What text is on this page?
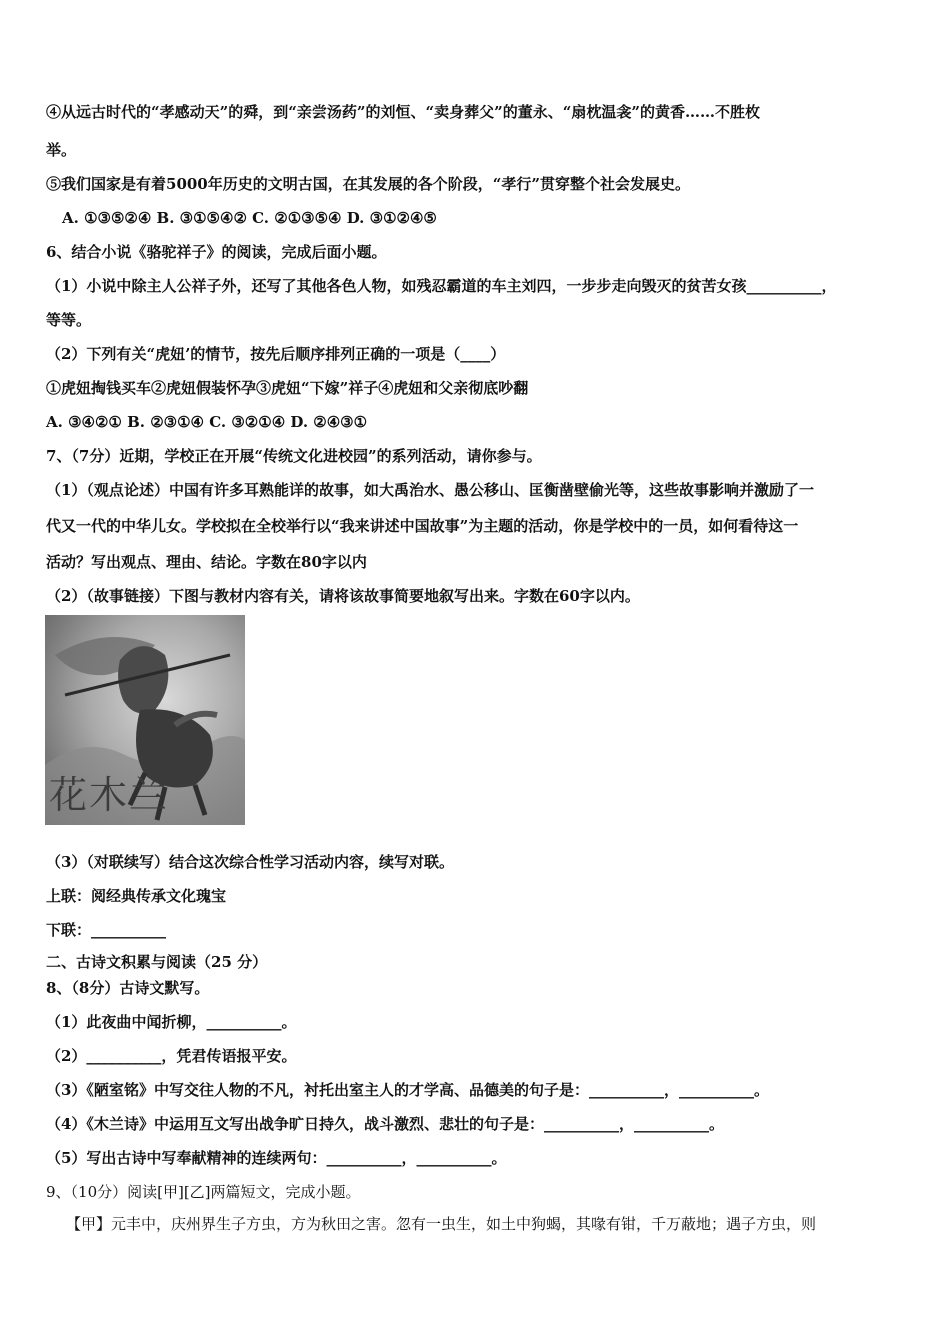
④从远古时代的“孝感动天”的舜，到“亲尝汤药”的刘恒、“卖身葬父”的董永、“扇枕温衾”的黄香……不胜枚
举。
⑤我们国家是有着5000年历史的文明古国，在其发展的各个阶段，“孝行”贯穿整个社会发展史。
A. ①③⑤②④ B. ③①⑤④② C. ②①③⑤④ D. ③①②④⑤
6、结合小说《骆驼祥子》的阅读，完成后面小题。
（1）小说中除主人公祥子外，还写了其他各色人物，如残忍霸道的车主刘四，一步步走向毁灭的贫苦女孩__________，
等等。
（2）下列有关“虎妞’的情节，按先后顺序排列正确的一项是（____）
①虎妞掏钱买车②虎妞假装怀孕③虎妞“下嫁”祥子④虎妞和父亲彻底吵翻
A. ③④②① B. ②③①④ C. ③②①④ D. ②④③①
7、（7分）近期，学校正在开展“传统文化进校园”的系列活动，请你参与。
（1）（观点论述）中国有许多耳熟能详的故事，如大禹治水、愚公移山、匡衡凿壁偷光等，这些故事影响并激励了一
代又一代的中华儿女。学校拟在全校举行以“我来讲述中国故事”为主题的活动，你是学校中的一员，如何看待这一
活动？写出观点、理由、结论。字数在80字以内
（2）（故事链接）下图与教材内容有关，请将该故事简要地叙写出来。字数在60字以内。
花木兰
（3）（对联续写）结合这次综合性学习活动内容，续写对联。
上联：阅经典传承文化瑰宝
下联：__________
二、古诗文积累与阅读（25 分）
8、（8分）古诗文默写。
（1）此夜曲中闻折柳，__________。
（2）__________，凭君传语报平安。
（3）《陋室铭》中写交往人物的不凡，衬托出室主人的才学高、品德美的句子是：__________，__________。
（4）《木兰诗》中运用互文写出战争旷日持久，战斗激烈、悲壮的句子是：__________，__________。
（5）写出古诗中写奉献精神的连续两句：__________，__________。
9、（10分）阅读[甲][乙]两篇短文，完成小题。
【甲】元丰中，庆州界生子方虫，方为秋田之害。忽有一虫生，如土中狗蝎，其喙有钳，千万蔽地；遇子方虫，则
